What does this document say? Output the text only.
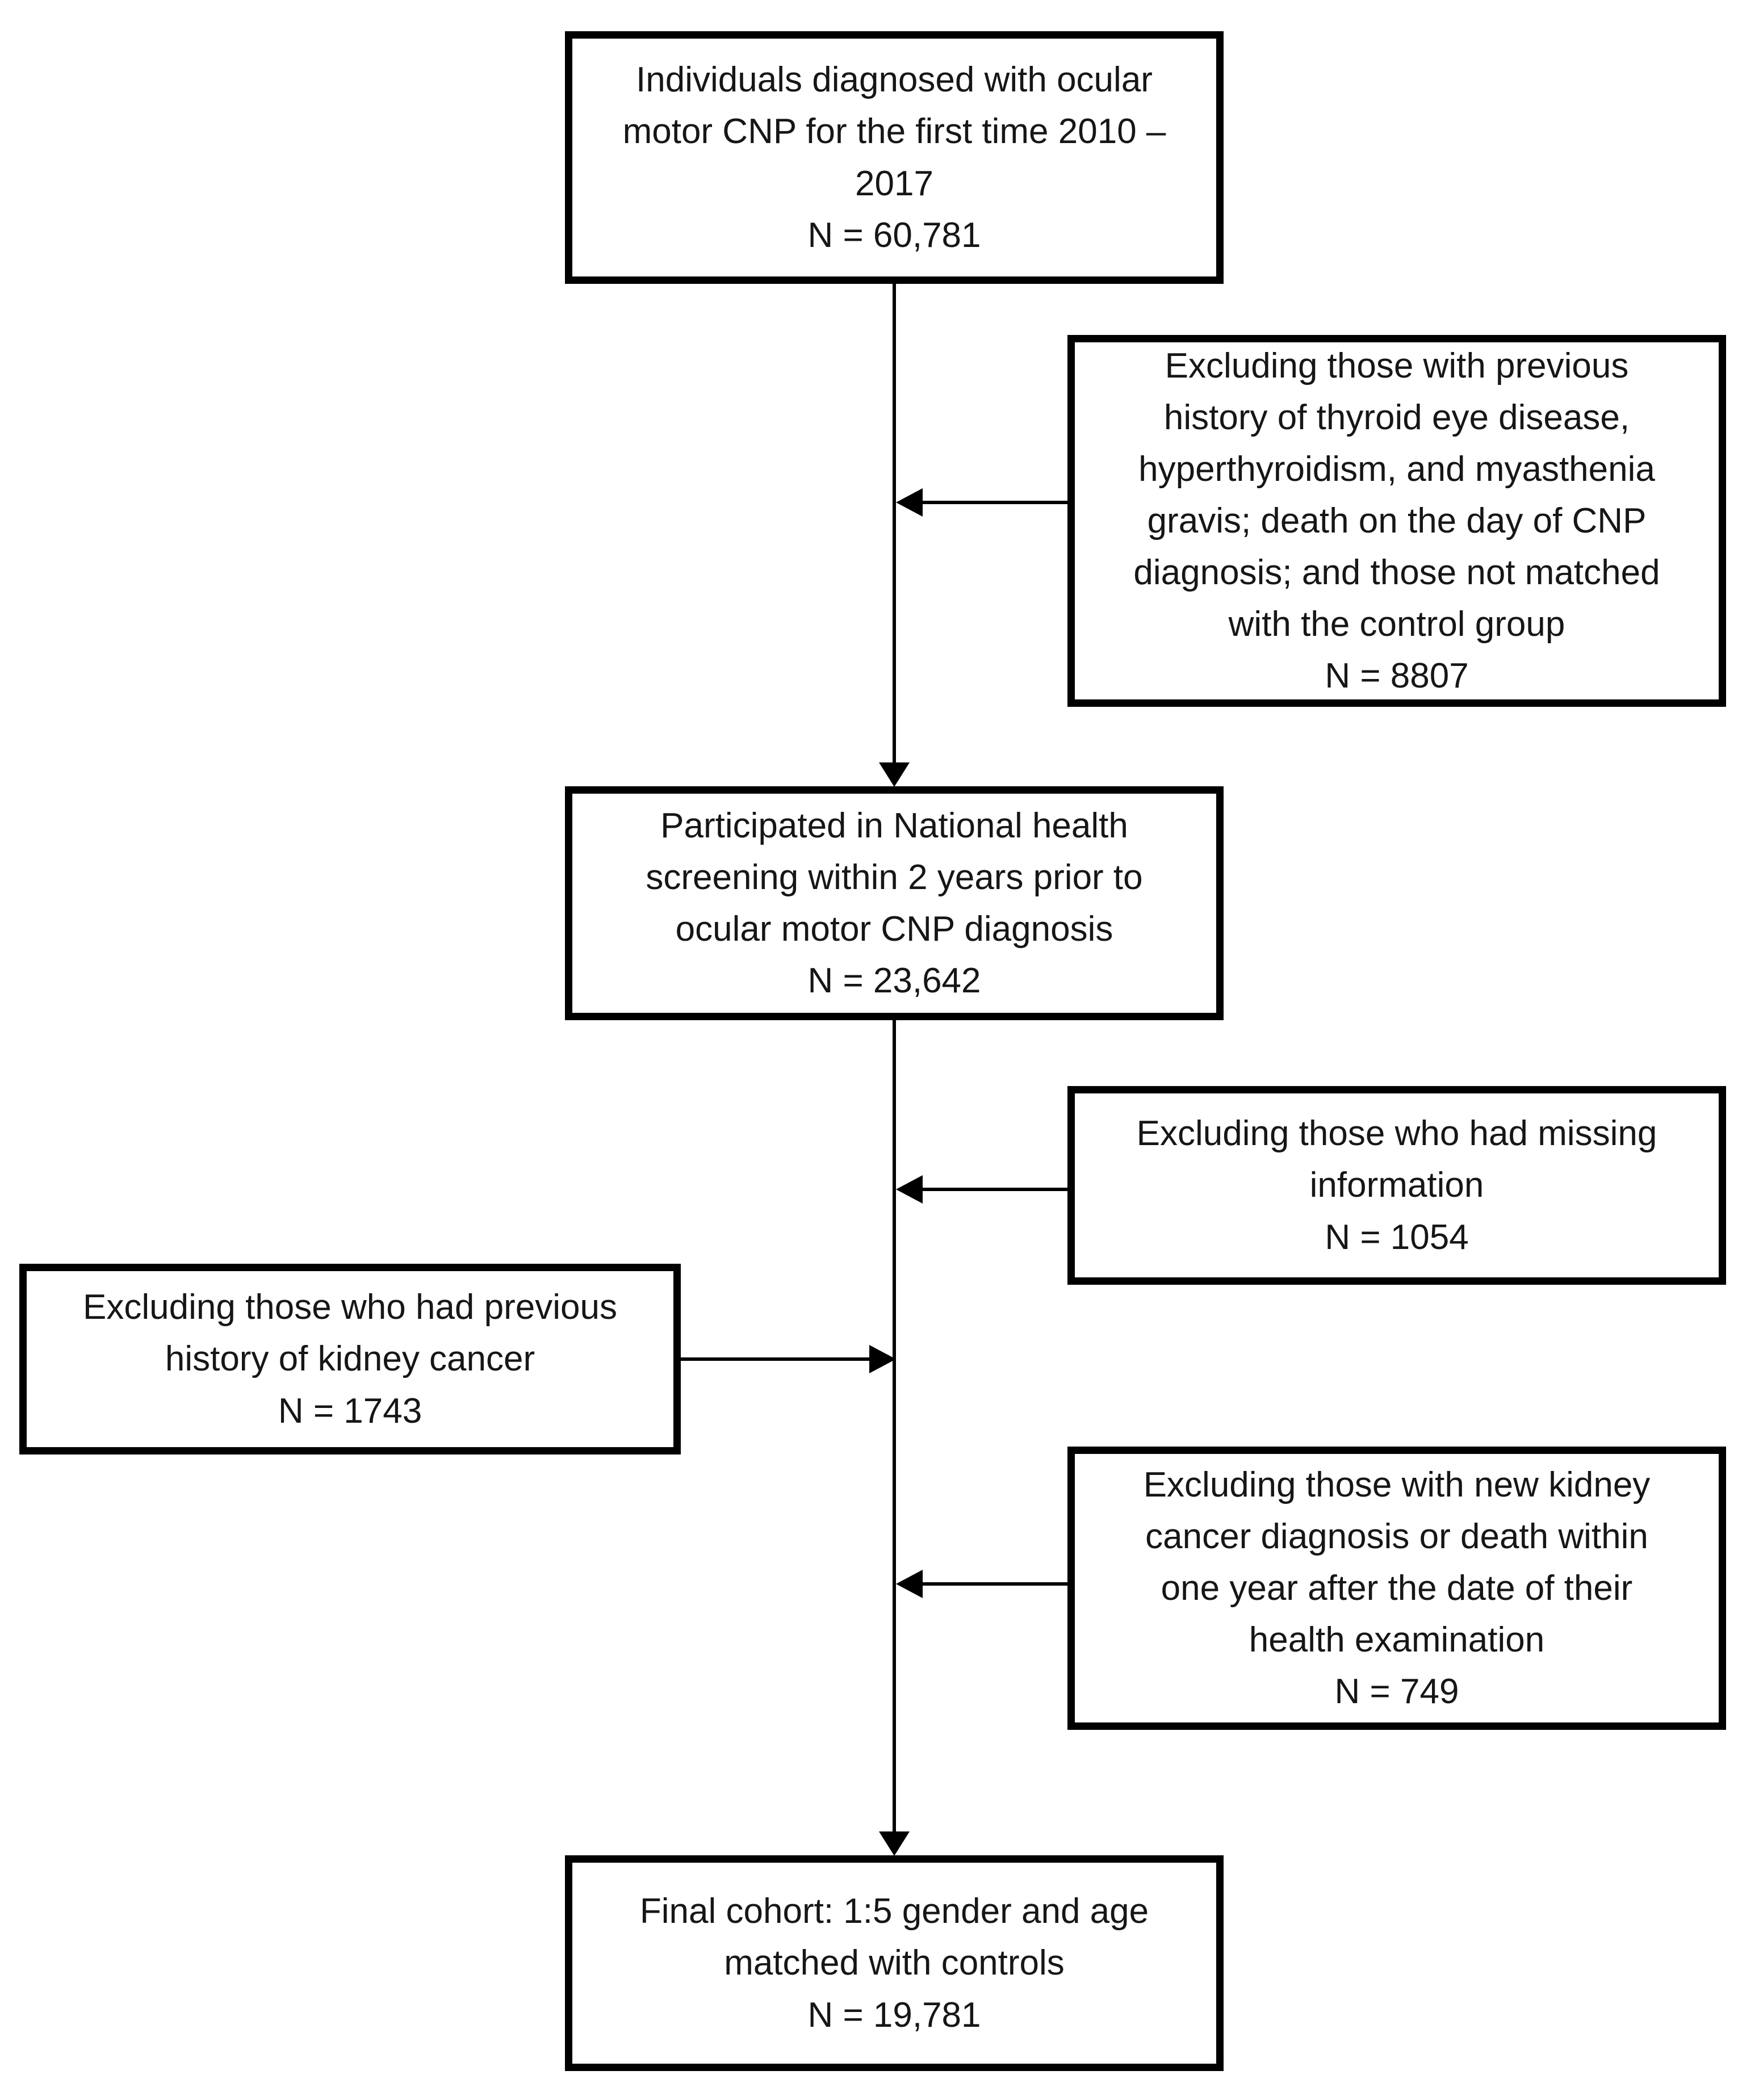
Individuals diagnosed with ocular
motor CNP for the first time 2010 –
2017
N = 60,781
Excluding those with previous
history of thyroid eye disease,
hyperthyroidism, and myasthenia
gravis; death on the day of CNP
diagnosis; and those not matched
with the control group
N = 8807
Participated in National health
screening within 2 years prior to
ocular motor CNP diagnosis
N = 23,642
Excluding those who had missing
information
N = 1054
Excluding those who had previous
history of kidney cancer
N = 1743
Excluding those with new kidney
cancer diagnosis or death within
one year after the date of their
health examination
N = 749
Final cohort: 1:5 gender and age
matched with controls
N = 19,781
